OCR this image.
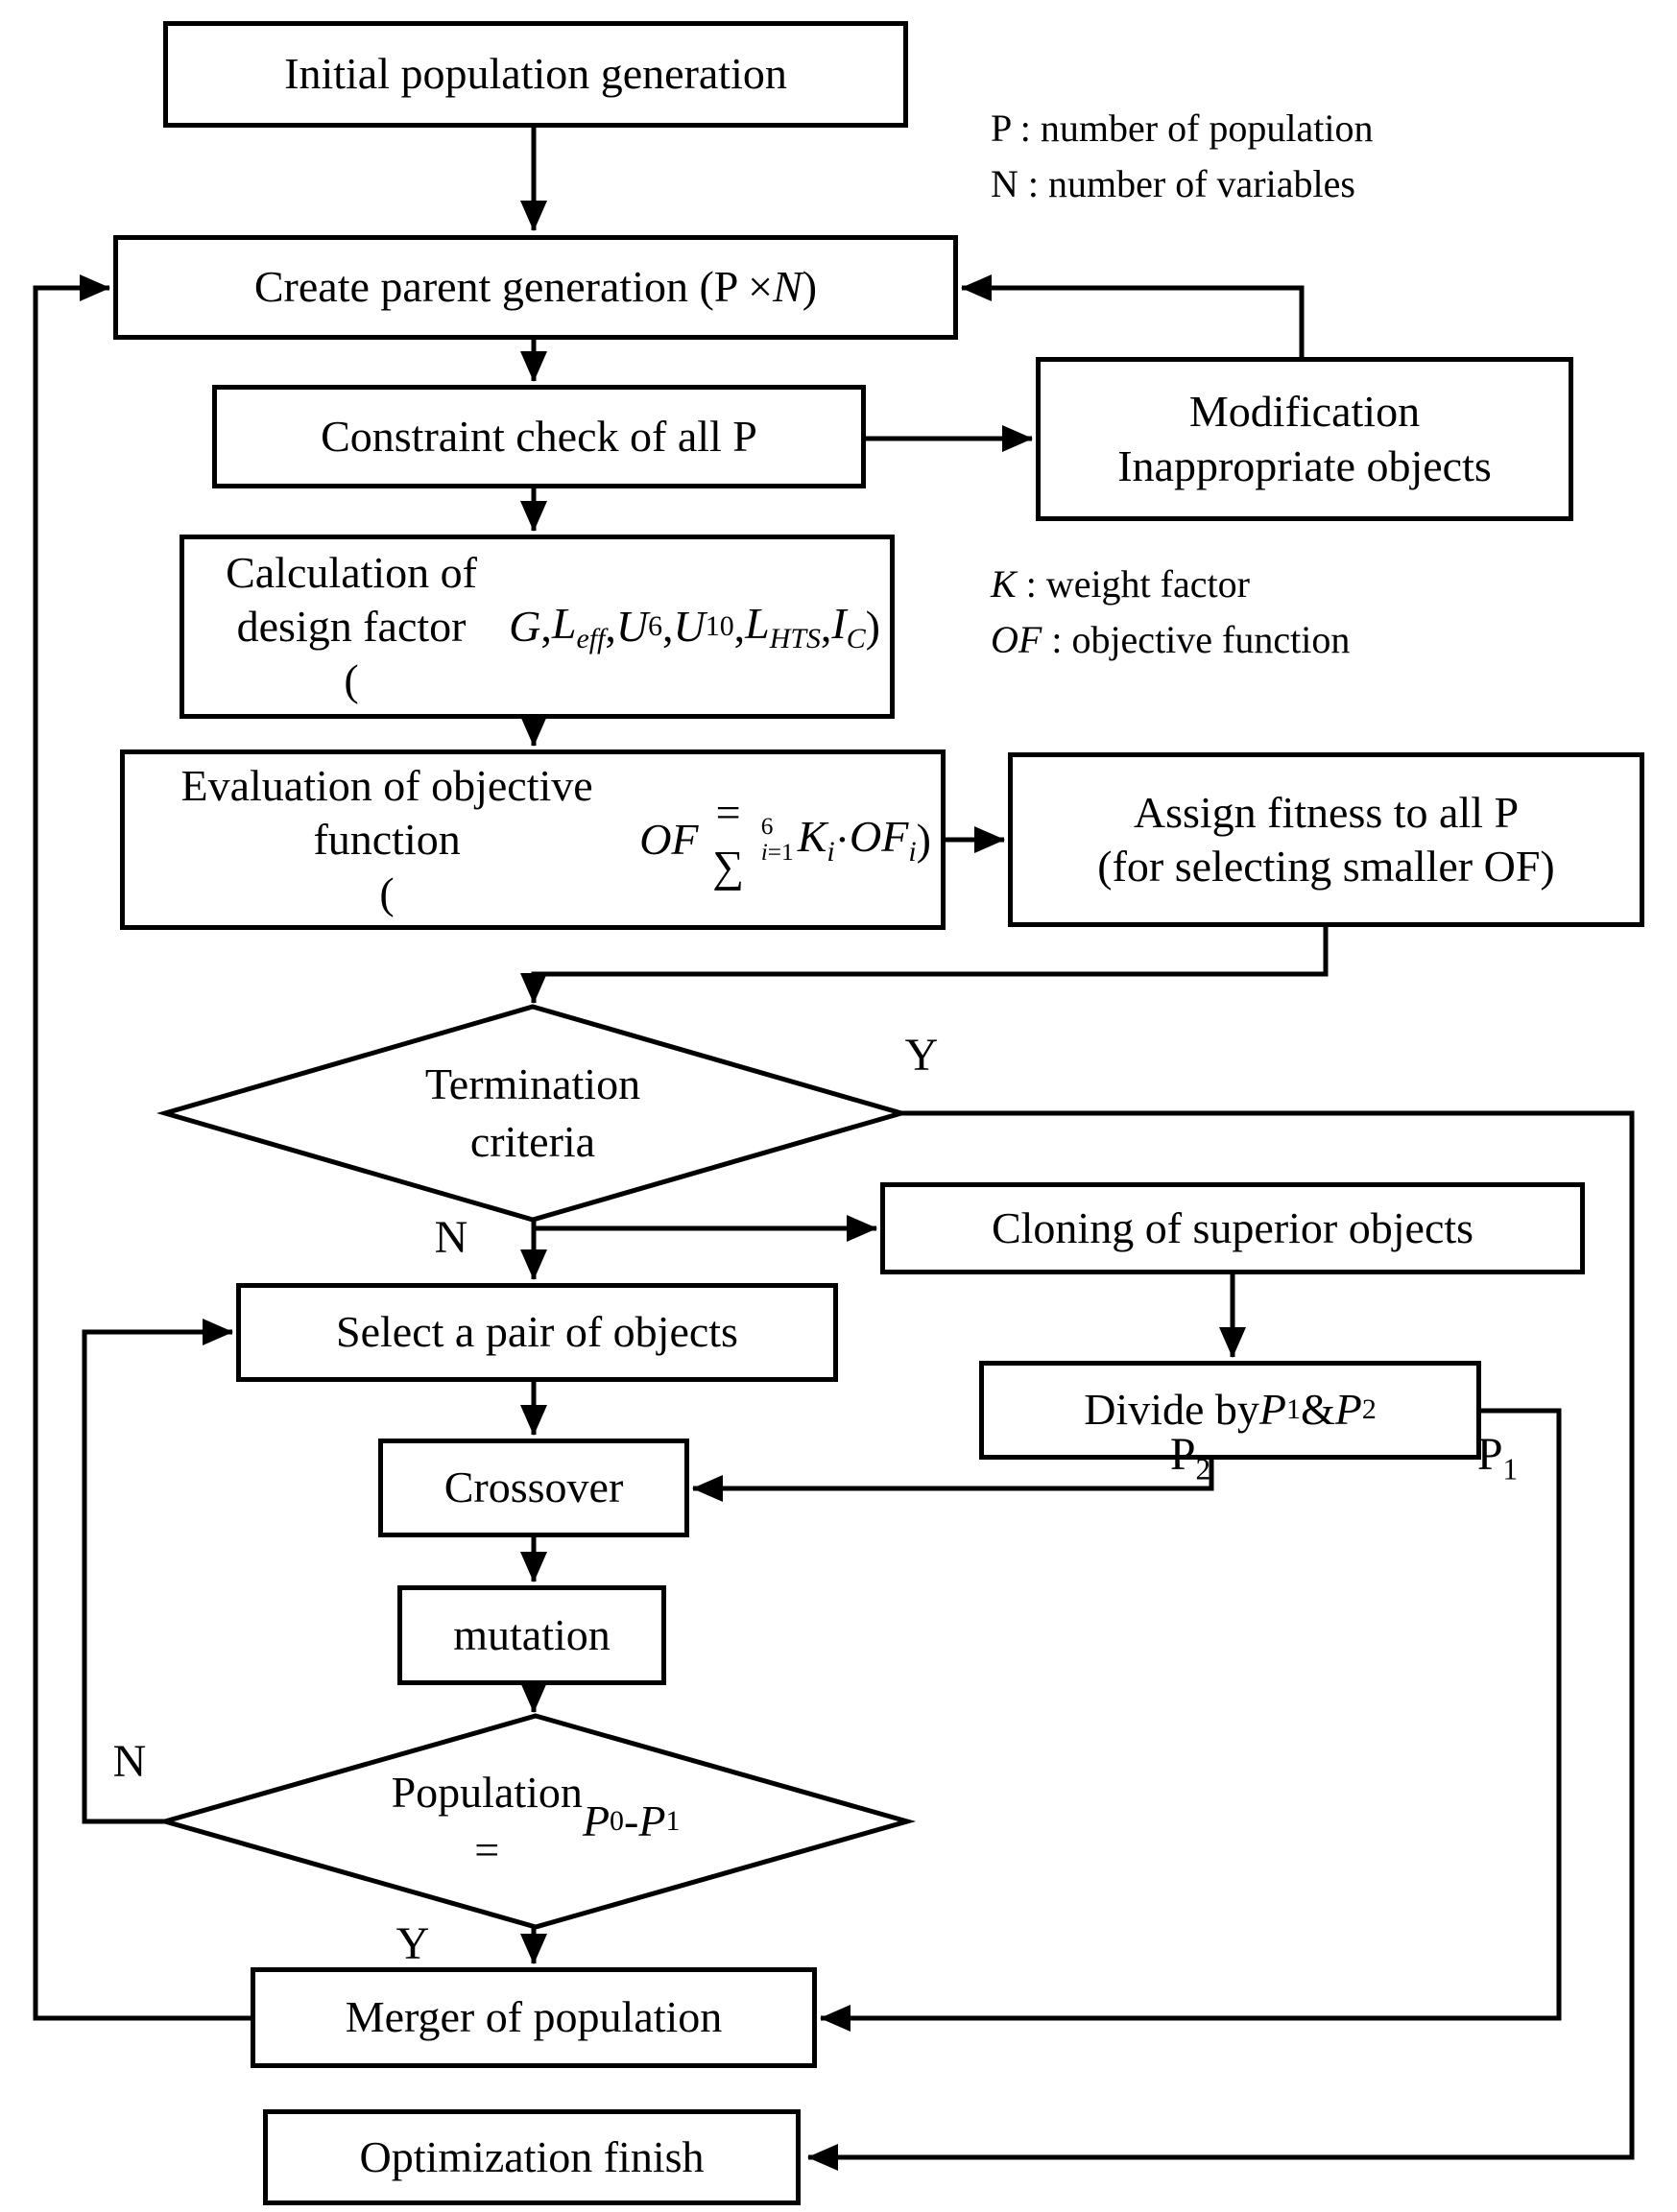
Initial population generation
Create parent generation (P × N )
Constraint check of all P
Modification
Inappropriate objects
Calculation of design factor
(
G , $L_{eff}$ , U 6 , U 10 , $L_{HTS}$ , $I_C$ )
Evaluation of objective function
(
OF
= ∑
6
i=1 $K_i \cdot OF_i$ )
Assign fitness to all P
(for selecting smaller OF)
Termination
criteria
Cloning of superior objects
Select a pair of objects
Divide by P 1 & P 2
Crossover
mutation
Population
=
P 0 - P 1
Merger of population
Optimization finish
Y
N
$P_2$	$P_1$
N
Y
P : number of population
N : number of variables
K : weight factor
OF : objective function
